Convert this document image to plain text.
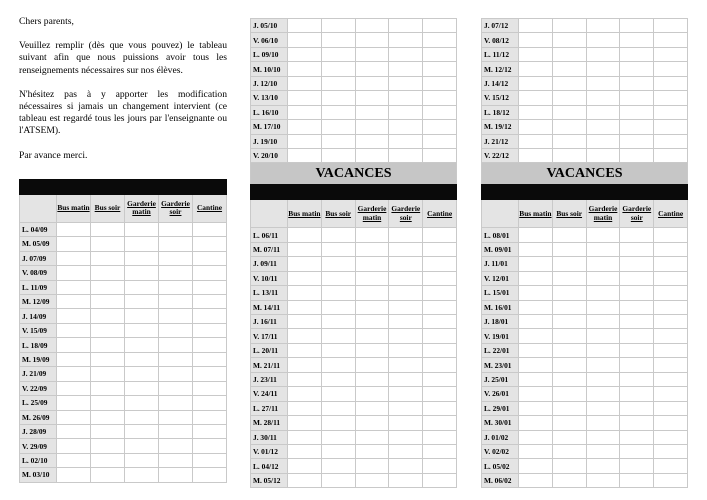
Chers parents,

Veuillez remplir (dès que vous pouvez) le tableau suivant afin que nous puissions avoir tous les renseignements nécessaires sur nos élèves.

N'hésitez pas à y apporter les modification nécessaires si jamais un changement intervient (ce tableau est regardé tous les jours par l'enseignante ou l'ATSEM).

Par avance merci.

	Bus matin	Bus soir	Garderie matin	Garderie soir	Cantine
L. 04/09					
M. 05/09					
J. 07/09					
V. 08/09					
L. 11/09					
M. 12/09					
J. 14/09					
V. 15/09					
L. 18/09					
M. 19/09					
J. 21/09					
V. 22/09					
L. 25/09					
M. 26/09					
J. 28/09					
V. 29/09					
L. 02/10					
M. 03/10					
J. 05/10					
V. 06/10					
L. 09/10					
M. 10/10					
J. 12/10					
V. 13/10					
L. 16/10					
M. 17/10					
J. 19/10					
V. 20/10					
VACANCES

	Bus matin	Bus soir	Garderie matin	Garderie soir	Cantine
L. 06/11					
M. 07/11					
J. 09/11					
V. 10/11					
L. 13/11					
M. 14/11					
J. 16/11					
V. 17/11					
L. 20/11					
M. 21/11					
J. 23/11					
V. 24/11					
L. 27/11					
M. 28/11					
J. 30/11					
V. 01/12					
L. 04/12					
M. 05/12					
J. 07/12					
V. 08/12					
L. 11/12					
M. 12/12					
J. 14/12					
V. 15/12					
L. 18/12					
M. 19/12					
J. 21/12					
V. 22/12					
VACANCES

	Bus matin	Bus soir	Garderie matin	Garderie soir	Cantine
L. 08/01					
M. 09/01					
J. 11/01					
V. 12/01					
L. 15/01					
M. 16/01					
J. 18/01					
V. 19/01					
L. 22/01					
M. 23/01					
J. 25/01					
V. 26/01					
L. 29/01					
M. 30/01					
J. 01/02					
V. 02/02					
L. 05/02					
M. 06/02					
